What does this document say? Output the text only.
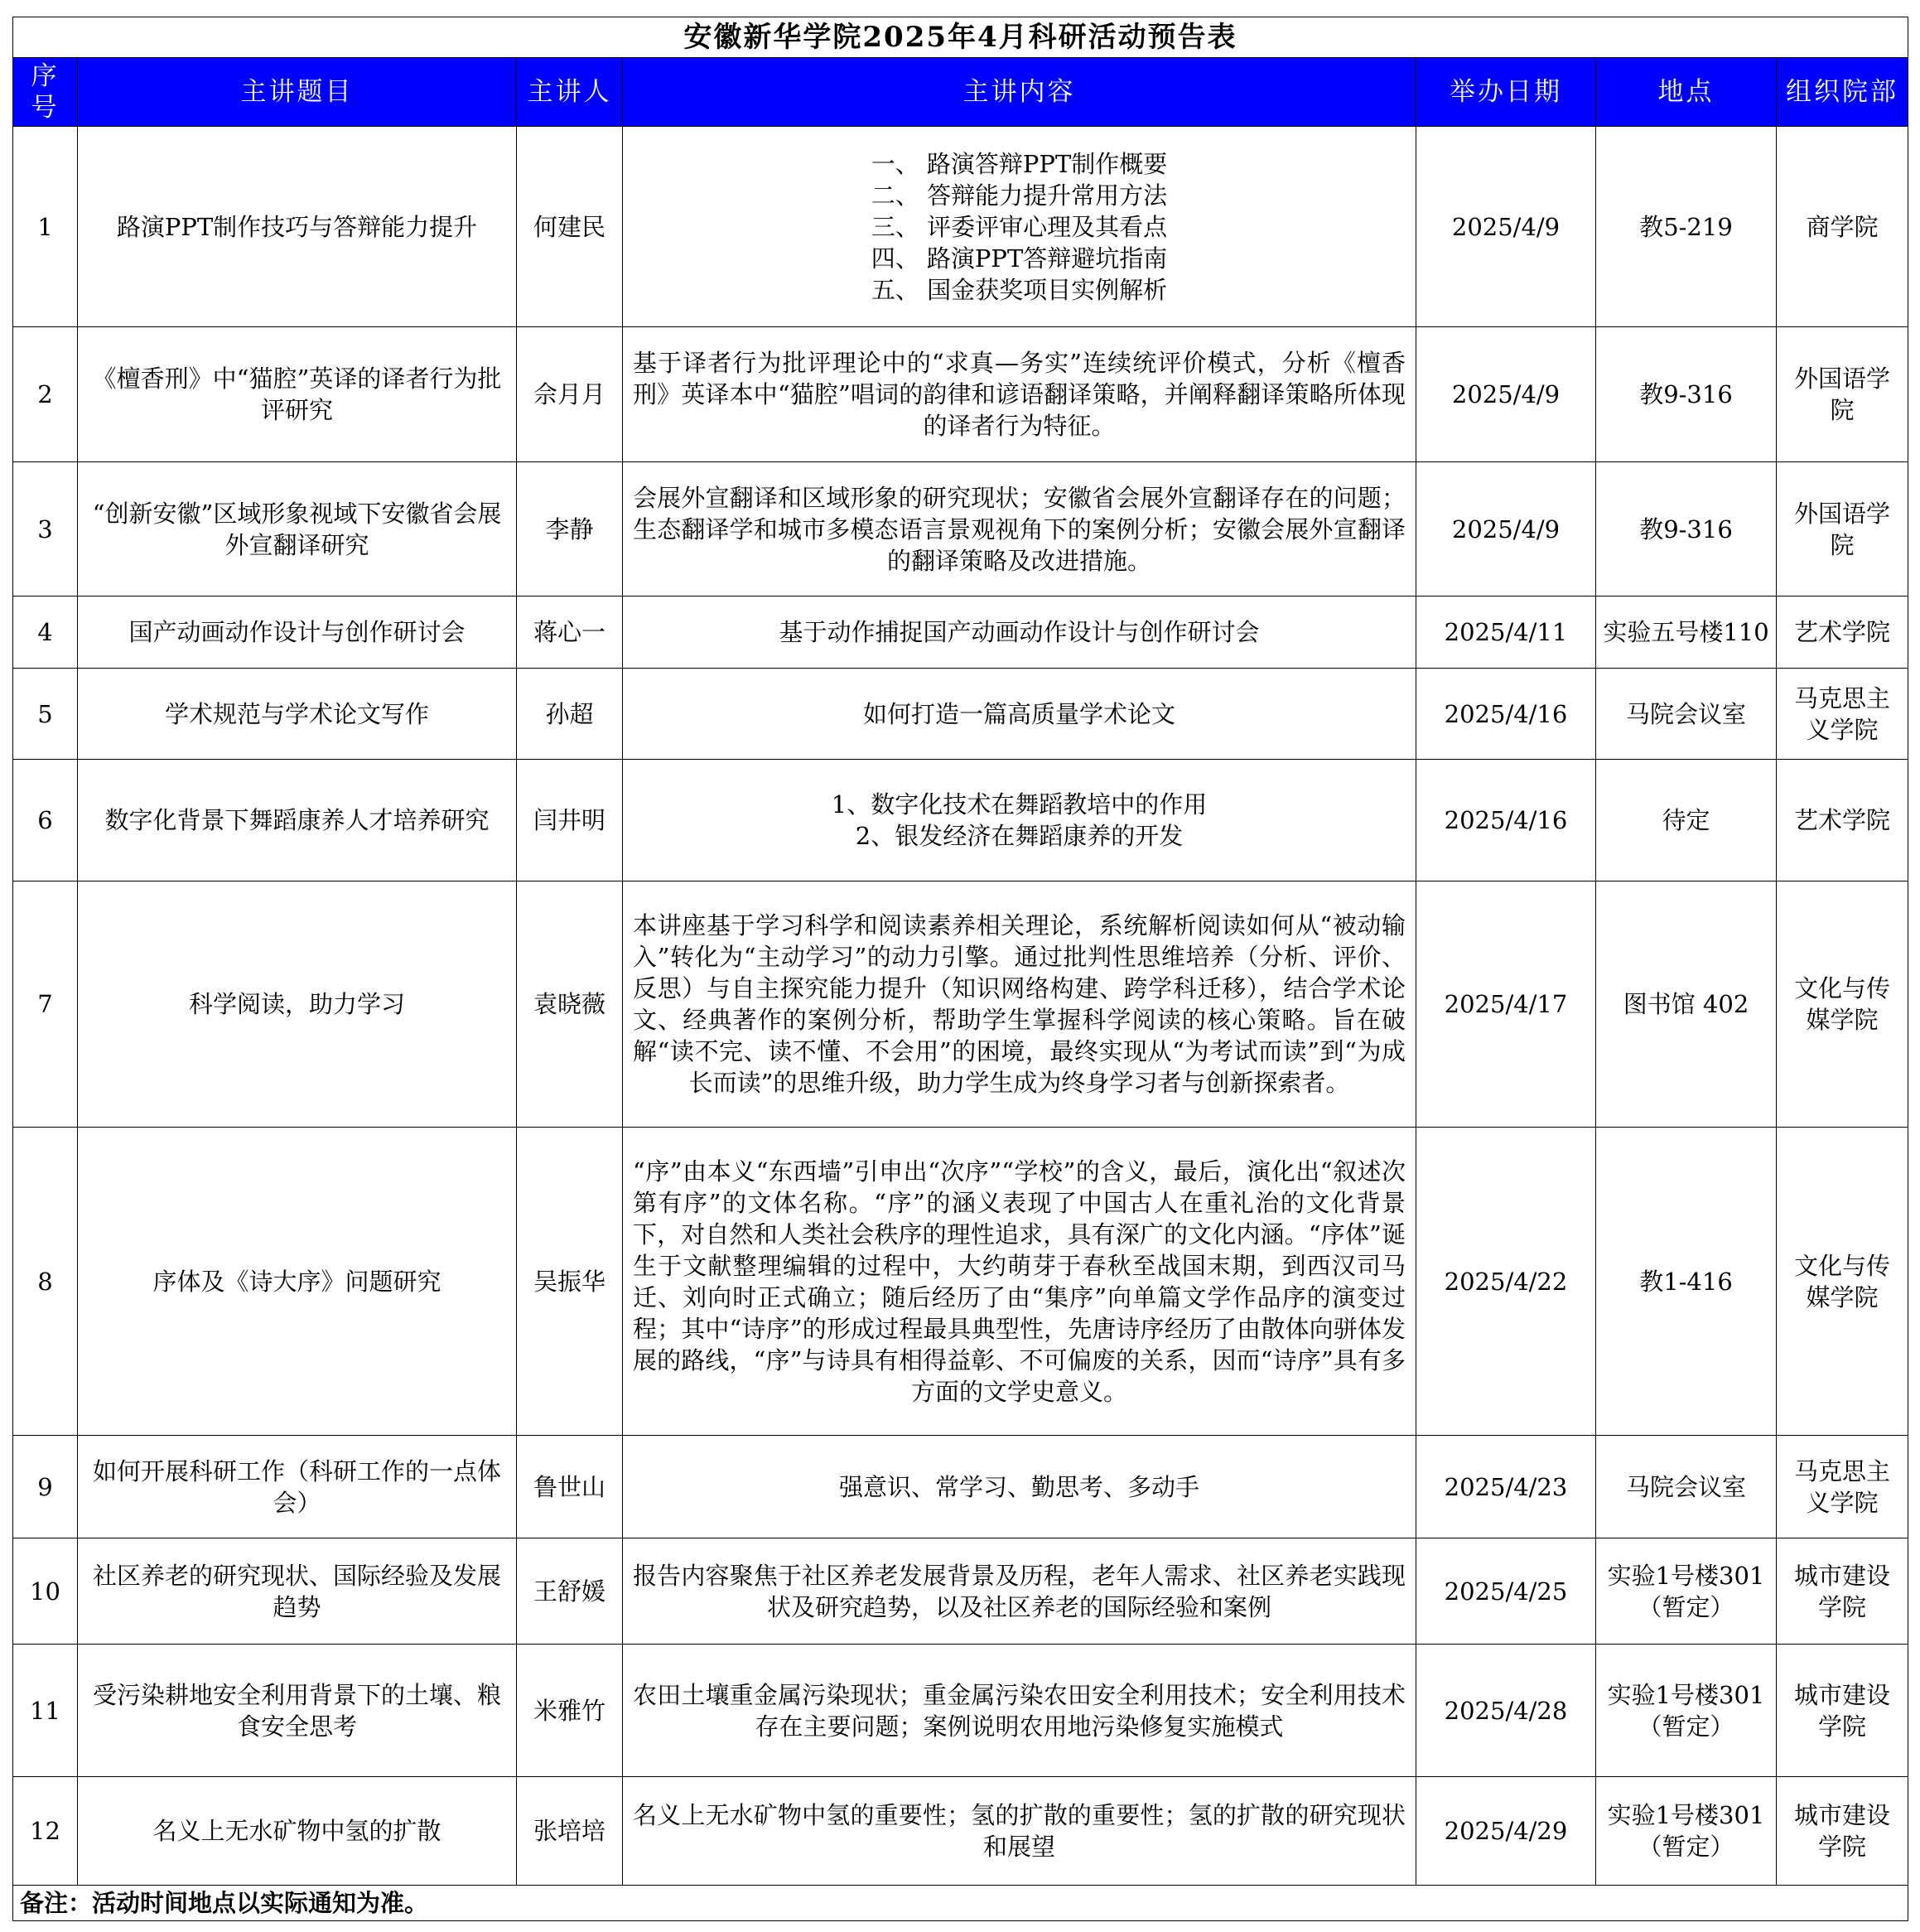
安徽新华学院2025年4月科研活动预告表						
序号	主讲题目	主讲人	主讲内容	举办日期	地点	组织院部
1	路演PPT制作技巧与答辩能力提升	何建民	一、 路演答辩PPT制作概要
二、 答辩能力提升常用方法
三、 评委评审心理及其看点
四、 路演PPT答辩避坑指南
五、 国金获奖项目实例解析	2025/4/9	教5-219	商学院
2	《檀香刑》中“猫腔”英译的译者行为批评研究	佘月月	基于译者行为批评理论中的“求真—务实”连续统评价模式，分析《檀香刑》英译本中“猫腔”唱词的韵律和谚语翻译策略，并阐释翻译策略所体现的译者行为特征。	2025/4/9	教9-316	外国语学院
3	“创新安徽”区域形象视域下安徽省会展外宣翻译研究	李静	会展外宣翻译和区域形象的研究现状；安徽省会展外宣翻译存在的问题；生态翻译学和城市多模态语言景观视角下的案例分析；安徽会展外宣翻译的翻译策略及改进措施。	2025/4/9	教9-316	外国语学院
4	国产动画动作设计与创作研讨会	蒋心一	基于动作捕捉国产动画动作设计与创作研讨会	2025/4/11	实验五号楼110	艺术学院
5	学术规范与学术论文写作	孙超	如何打造一篇高质量学术论文	2025/4/16	马院会议室	马克思主义学院
6	数字化背景下舞蹈康养人才培养研究	闫井明	1、数字化技术在舞蹈教培中的作用
2、银发经济在舞蹈康养的开发	2025/4/16	待定	艺术学院
7	科学阅读，助力学习	袁晓薇	本讲座基于学习科学和阅读素养相关理论，系统解析阅读如何从“被动输入”转化为“主动学习”的动力引擎。通过批判性思维培养（分析、评价、反思）与自主探究能力提升（知识网络构建、跨学科迁移），结合学术论文、经典著作的案例分析，帮助学生掌握科学阅读的核心策略。旨在破解“读不完、读不懂、不会用”的困境，最终实现从“为考试而读”到“为成长而读”的思维升级，助力学生成为终身学习者与创新探索者。	2025/4/17	图书馆 402	文化与传媒学院
8	序体及《诗大序》问题研究	吴振华	“序”由本义“东西墙”引申出“次序”“学校”的含义，最后，演化出“叙述次第有序”的文体名称。“序”的涵义表现了中国古人在重礼治的文化背景下，对自然和人类社会秩序的理性追求，具有深广的文化内涵。“序体”诞生于文献整理编辑的过程中，大约萌芽于春秋至战国末期，到西汉司马迁、刘向时正式确立；随后经历了由“集序”向单篇文学作品序的演变过程；其中“诗序”的形成过程最具典型性，先唐诗序经历了由散体向骈体发展的路线，“序”与诗具有相得益彰、不可偏废的关系，因而“诗序”具有多方面的文学史意义。	2025/4/22	教1-416	文化与传媒学院
9	如何开展科研工作（科研工作的一点体会）	鲁世山	强意识、常学习、勤思考、多动手	2025/4/23	马院会议室	马克思主义学院
10	社区养老的研究现状、国际经验及发展趋势	王舒媛	报告内容聚焦于社区养老发展背景及历程，老年人需求、社区养老实践现状及研究趋势，以及社区养老的国际经验和案例	2025/4/25	实验1号楼301（暂定）	城市建设学院
11	受污染耕地安全利用背景下的土壤、粮食安全思考	米雅竹	农田土壤重金属污染现状；重金属污染农田安全利用技术；安全利用技术存在主要问题；案例说明农用地污染修复实施模式	2025/4/28	实验1号楼301（暂定）	城市建设学院
12	名义上无水矿物中氢的扩散	张培培	名义上无水矿物中氢的重要性；氢的扩散的重要性；氢的扩散的研究现状和展望	2025/4/29	实验1号楼301（暂定）	城市建设学院
备注：活动时间地点以实际通知为准。						
